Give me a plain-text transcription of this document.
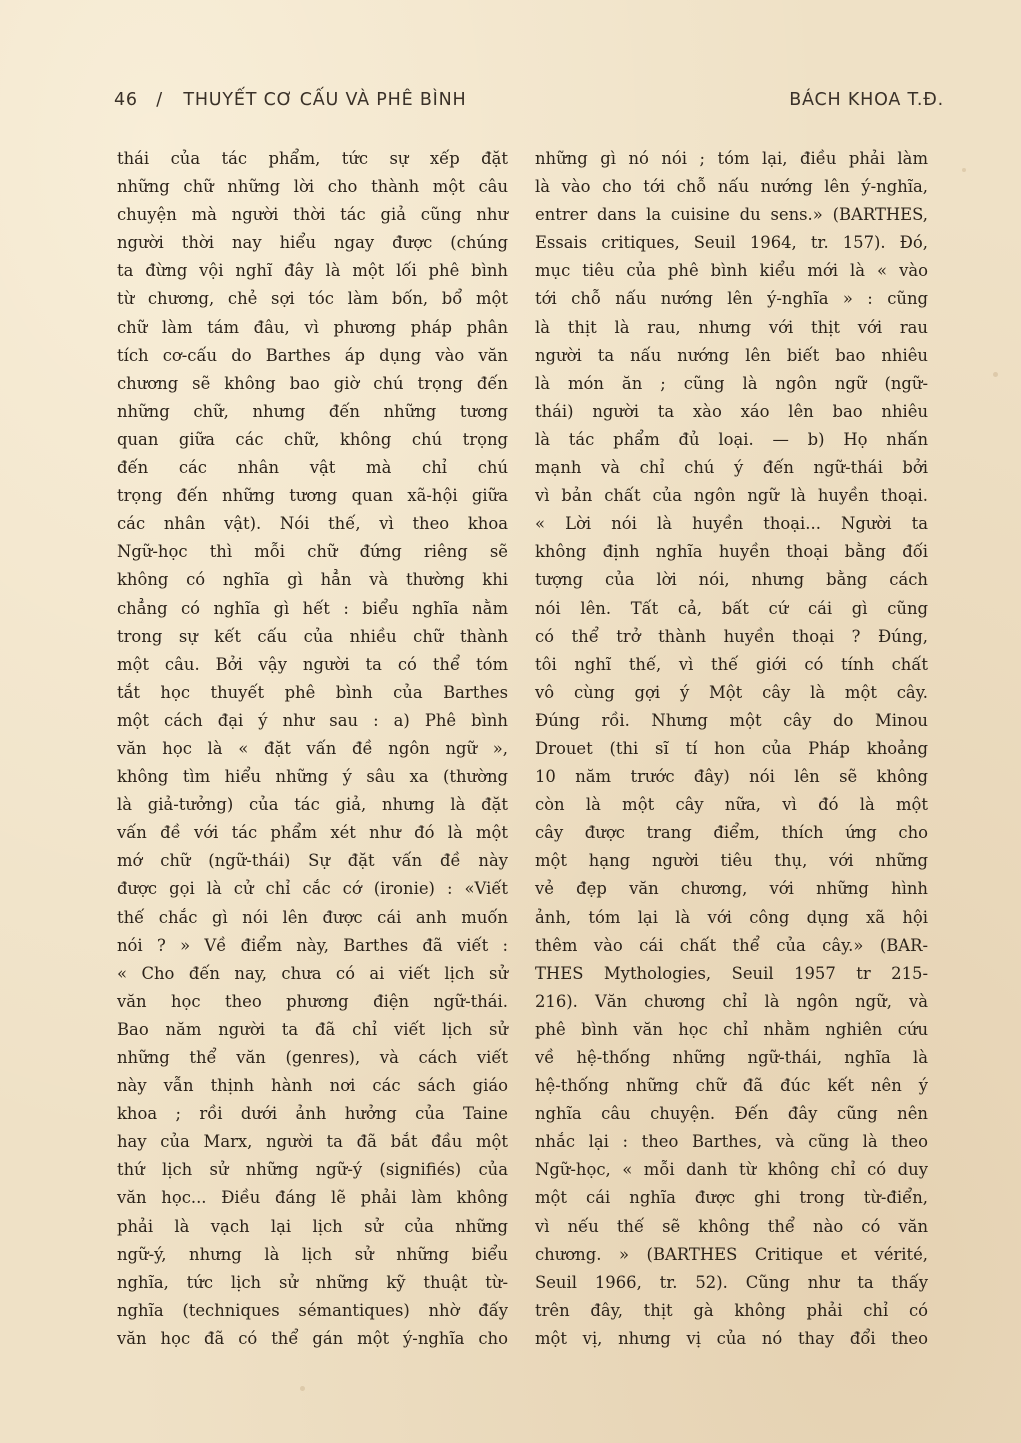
46 / THUYẾT CƠ CẤU VÀ PHÊ BÌNH	BÁCH KHOA T.Đ.
thái của tác phẩm, tức sự xếp đặt
những chữ những lời cho thành một câu
chuyện mà người thời tác giả cũng như
người thời nay hiểu ngay được (chúng
ta đừng vội nghĩ đây là một lối phê bình
từ chương, chẻ sợi tóc làm bốn, bổ một
chữ làm tám đâu, vì phương pháp phân
tích cơ-cấu do Barthes áp dụng vào văn
chương sẽ không bao giờ chú trọng đến
những chữ, nhưng đến những tương
quan giữa các chữ, không chú trọng
đến các nhân vật mà chỉ chú
trọng đến những tương quan xã-hội giữa
các nhân vật). Nói thế, vì theo khoa
Ngữ-học thì mỗi chữ đứng riêng sẽ
không có nghĩa gì hẳn và thường khi
chẳng có nghĩa gì hết : biểu nghĩa nằm
trong sự kết cấu của nhiều chữ thành
một câu. Bởi vậy người ta có thể tóm
tắt học thuyết phê bình của Barthes
một cách đại ý như sau : a) Phê bình
văn học là « đặt vấn đề ngôn ngữ »,
không tìm hiểu những ý sâu xa (thường
là giả-tưởng) của tác giả, nhưng là đặt
vấn đề với tác phẩm xét như đó là một
mớ chữ (ngữ-thái) Sự đặt vấn đề này
được gọi là cử chỉ cắc cớ (ironie) : «Viết
thế chắc gì nói lên được cái anh muốn
nói ? » Về điểm này, Barthes đã viết :
« Cho đến nay, chưa có ai viết lịch sử
văn học theo phương điện ngữ-thái.
Bao năm người ta đã chỉ viết lịch sử
những thể văn (genres), và cách viết
này vẫn thịnh hành nơi các sách giáo
khoa ; rồi dưới ảnh hưởng của Taine
hay của Marx, người ta đã bắt đầu một
thứ lịch sử những ngữ-ý (signifiés) của
văn học... Điều đáng lẽ phải làm không
phải là vạch lại lịch sử của những
ngữ-ý, nhưng là lịch sử những biểu
nghĩa, tức lịch sử những kỹ thuật từ-
nghĩa (techniques sémantiques) nhờ đấy
văn học đã có thể gán một ý-nghĩa cho
những gì nó nói ; tóm lại, điều phải làm
là vào cho tới chỗ nấu nướng lên ý-nghĩa,
entrer dans la cuisine du sens.» (BARTHES,
Essais critiques, Seuil 1964, tr. 157). Đó,
mục tiêu của phê bình kiểu mới là « vào
tới chỗ nấu nướng lên ý-nghĩa » : cũng
là thịt là rau, nhưng với thịt với rau
người ta nấu nướng lên biết bao nhiêu
là món ăn ; cũng là ngôn ngữ (ngữ-
thái) người ta xào xáo lên bao nhiêu
là tác phẩm đủ loại. — b) Họ nhấn
mạnh và chỉ chú ý đến ngữ-thái bởi
vì bản chất của ngôn ngữ là huyền thoại.
« Lời nói là huyền thoại... Người ta
không định nghĩa huyền thoại bằng đối
tượng của lời nói, nhưng bằng cách
nói lên. Tất cả, bất cứ cái gì cũng
có thể trở thành huyền thoại ? Đúng,
tôi nghĩ thế, vì thế giới có tính chất
vô cùng gợi ý Một cây là một cây.
Đúng rồi. Nhưng một cây do Minou
Drouet (thi sĩ tí hon của Pháp khoảng
10 năm trước đây) nói lên sẽ không
còn là một cây nữa, vì đó là một
cây được trang điểm, thích ứng cho
một hạng người tiêu thụ, với những
vẻ đẹp văn chương, với những hình
ảnh, tóm lại là với công dụng xã hội
thêm vào cái chất thể của cây.» (BAR-
THES Mythologies, Seuil 1957 tr 215-
216). Văn chương chỉ là ngôn ngữ, và
phê bình văn học chỉ nhằm nghiên cứu
về hệ-thống những ngữ-thái, nghĩa là
hệ-thống những chữ đã đúc kết nên ý
nghĩa câu chuyện. Đến đây cũng nên
nhắc lại : theo Barthes, và cũng là theo
Ngữ-học, « mỗi danh từ không chỉ có duy
một cái nghĩa được ghi trong từ-điển,
vì nếu thế sẽ không thể nào có văn
chương. » (BARTHES Critique et vérité,
Seuil 1966, tr. 52). Cũng như ta thấy
trên đây, thịt gà không phải chỉ có
một vị, nhưng vị của nó thay đổi theo
